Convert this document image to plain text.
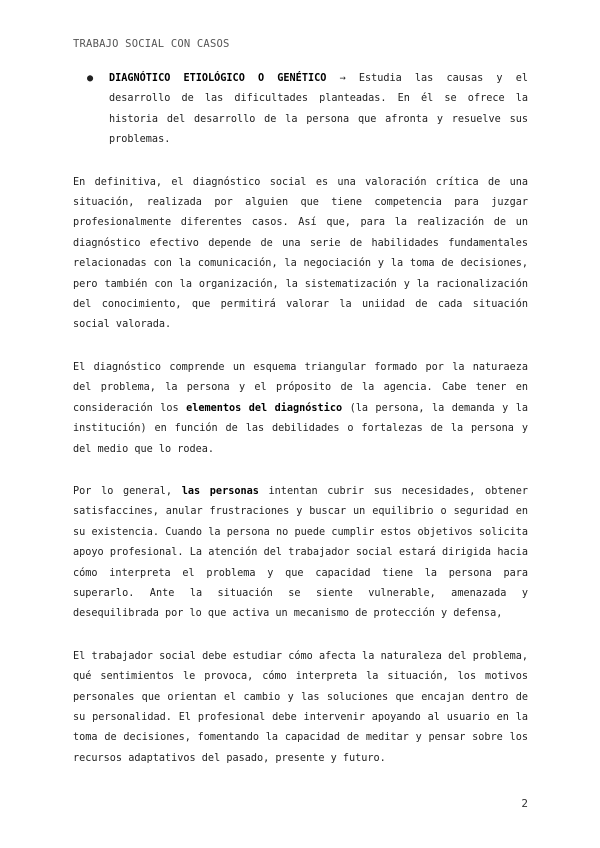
TRABAJO SOCIAL CON CASOS
● DIAGNÓTICO ETIOLÓGICO O GENÉTICO → Estudia las causas y el desarrollo de las dificultades planteadas. En él se ofrece la historia del desarrollo de la persona que afronta y resuelve sus problemas.

En definitiva, el diagnóstico social es una valoración crítica de una situación, realizada por alguien que tiene competencia para juzgar profesionalmente diferentes casos. Así que, para la realización de un diagnóstico efectivo depende de una serie de habilidades fundamentales relacionadas con la comunicación, la negociación y la toma de decisiones, pero también con la organización, la sistematización y la racionalización del conocimiento, que permitirá valorar la uniidad de cada situación social valorada.

El diagnóstico comprende un esquema triangular formado por la naturaeza del problema, la persona y el próposito de la agencia. Cabe tener en consideración los elementos del diagnóstico (la persona, la demanda y la institución) en función de las debilidades o fortalezas de la persona y del medio que lo rodea.

Por lo general, las personas intentan cubrir sus necesidades, obtener satisfaccines, anular frustraciones y buscar un equilibrio o seguridad en su existencia. Cuando la persona no puede cumplir estos objetivos solicita apoyo profesional. La atención del trabajador social estará dirigida hacia cómo interpreta el problema y que capacidad tiene la persona para superarlo. Ante la situación se siente vulnerable, amenazada y desequilibrada por lo que activa un mecanismo de protección y defensa,

El trabajador social debe estudiar cómo afecta la naturaleza del problema, qué sentimientos le provoca, cómo interpreta la situación, los motivos personales que orientan el cambio y las soluciones que encajan dentro de su personalidad. El profesional debe intervenir apoyando al usuario en la toma de decisiones, fomentando la capacidad de meditar y pensar sobre los recursos adaptativos del pasado, presente y futuro.

2
